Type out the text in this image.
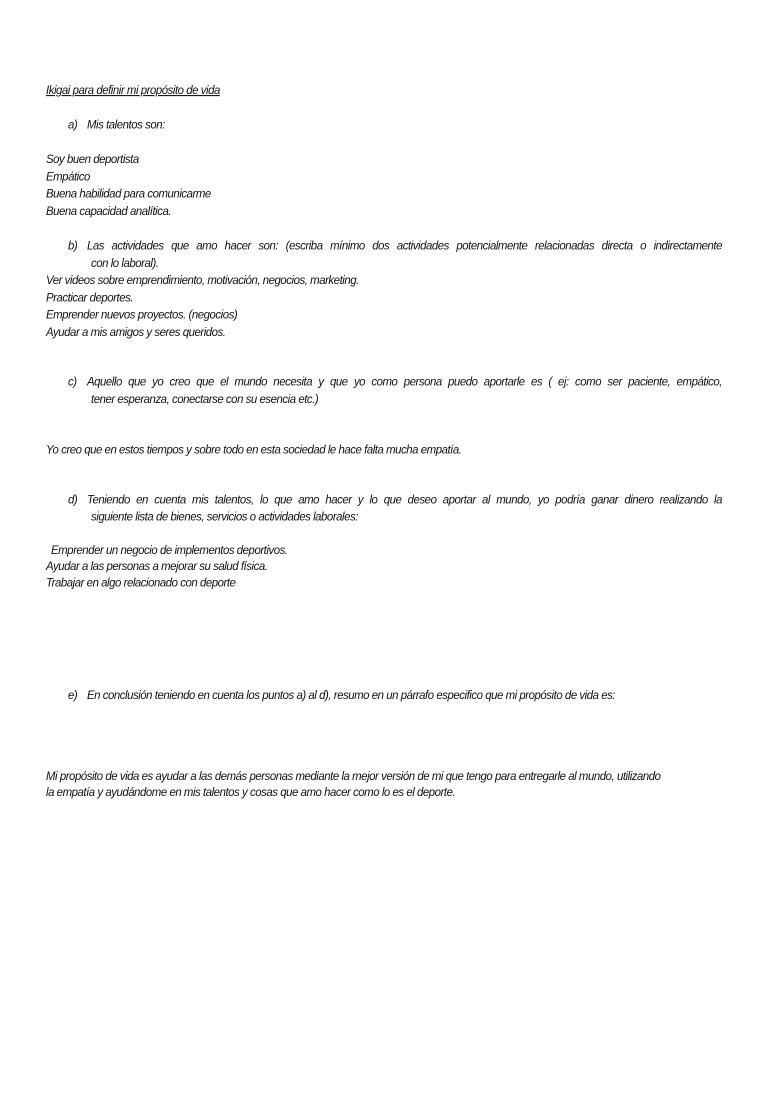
Ikigai para definir mi propósito de vida
a) Mis talentos son:
Soy buen deportista
Empático
Buena habilidad para comunicarme
Buena capacidad analítica.
b) Las actividades que amo hacer son: (escriba mínimo dos actividades potencialmente relacionadas directa o indirectamente
con lo laboral).
Ver videos sobre emprendimiento, motivación, negocios, marketing.
Practicar deportes.
Emprender nuevos proyectos. (negocios)
Ayudar a mis amigos y seres queridos.
c) Aquello que yo creo que el mundo necesita y que yo como persona puedo aportarle es ( ej: como ser paciente, empático,
tener esperanza, conectarse con su esencia etc.)
Yo creo que en estos tiempos y sobre todo en esta sociedad le hace falta mucha empatía.
d) Teniendo en cuenta mis talentos, lo que amo hacer y lo que deseo aportar al mundo, yo podría ganar dinero realizando la
siguiente lista de bienes, servicios o actividades laborales:
Emprender un negocio de implementos deportivos.
Ayudar a las personas a mejorar su salud física.
Trabajar en algo relacionado con deporte
e) En conclusión teniendo en cuenta los puntos a) al d), resumo en un párrafo especifico que mi propósito de vida es:
Mi propósito de vida es ayudar a las demás personas mediante la mejor versión de mi que tengo para entregarle al mundo, utilizando
la empatía y ayudándome en mis talentos y cosas que amo hacer como lo es el deporte.
